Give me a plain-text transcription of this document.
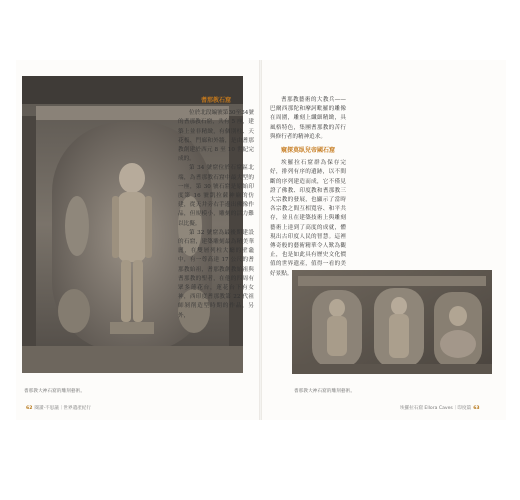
耆那教大神石窟的雕刻藝術。
耆那教石窟

位於北段編號第30至34號的耆那教石窟，共有 5 座，建築上並非精緻，有個別柱、天花板、門廊和外牆，是由耆那教創建於西元 8 至 10 世紀完成的。

第 34 號窟位於石窟區北端，為耆那教石窟中最大型的一座，第 30 號石窟是原始印度第 16 號凱拉薩神廟的仿建，從天井旁右手邊出佛像作品，但規模小，雕刻的活力難以比擬。

第 32 號窟為最後期建設的石窟，建築雕刻最為精美華麗，在雙層列柱大廳的壁龕中，有一尊高達 17 公尺的耆那教始祖，耆那教創教始祖與耆那教的聖者，在他的四周有眾多蓮花台，蓮花台下有女神，西印度耆那教第 22 代祖師剝削造型時期的作品，另外，

耆那教藝術的大教兵——巴爾西那陀和摩訶毗羅的雕像在周圍，雕刻上纖細精緻，具風格特色，集團耆那教的苦行與修行者的精神追求。

窺探莫臥兒帝國石窟

埃羅拉石窟群為保存完好，排列有序的遺跡，以不間斷的序列建造而成，它不僅見證了佛教、印度教和耆那教三大宗教的發展，也顯示了當時各宗教之間互相寬容、和平共存，並且在建築技術上與雕刻藝術上達到了高度的成就，體現出古印度人民的智慧。這裡傳奇般的藝術精華令人歎為觀止，也是如此具有歷史文化價值的世界遺產，值得一看的美好景點。

耆那教大神石窟的雕刻藝術。
62 閱讀‧不思議｜世界遺產紀行	埃羅拉石窟 Ellora Caves｜印度篇 63
